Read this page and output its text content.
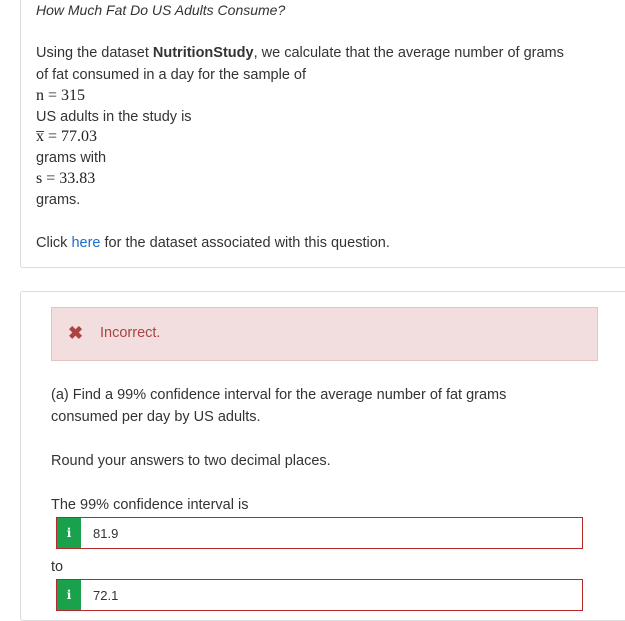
How Much Fat Do US Adults Consume?
Using the dataset NutritionStudy, we calculate that the average number of grams
of fat consumed in a day for the sample of
n = 315
US adults in the study is
x̅ = 77.03
grams with
s = 33.83
grams.
Click here for the dataset associated with this question.
✖ Incorrect.
(a) Find a 99% confidence interval for the average number of fat grams
consumed per day by US adults.
Round your answers to two decimal places.
The 99% confidence interval is
i
81.9
to
i
72.1
